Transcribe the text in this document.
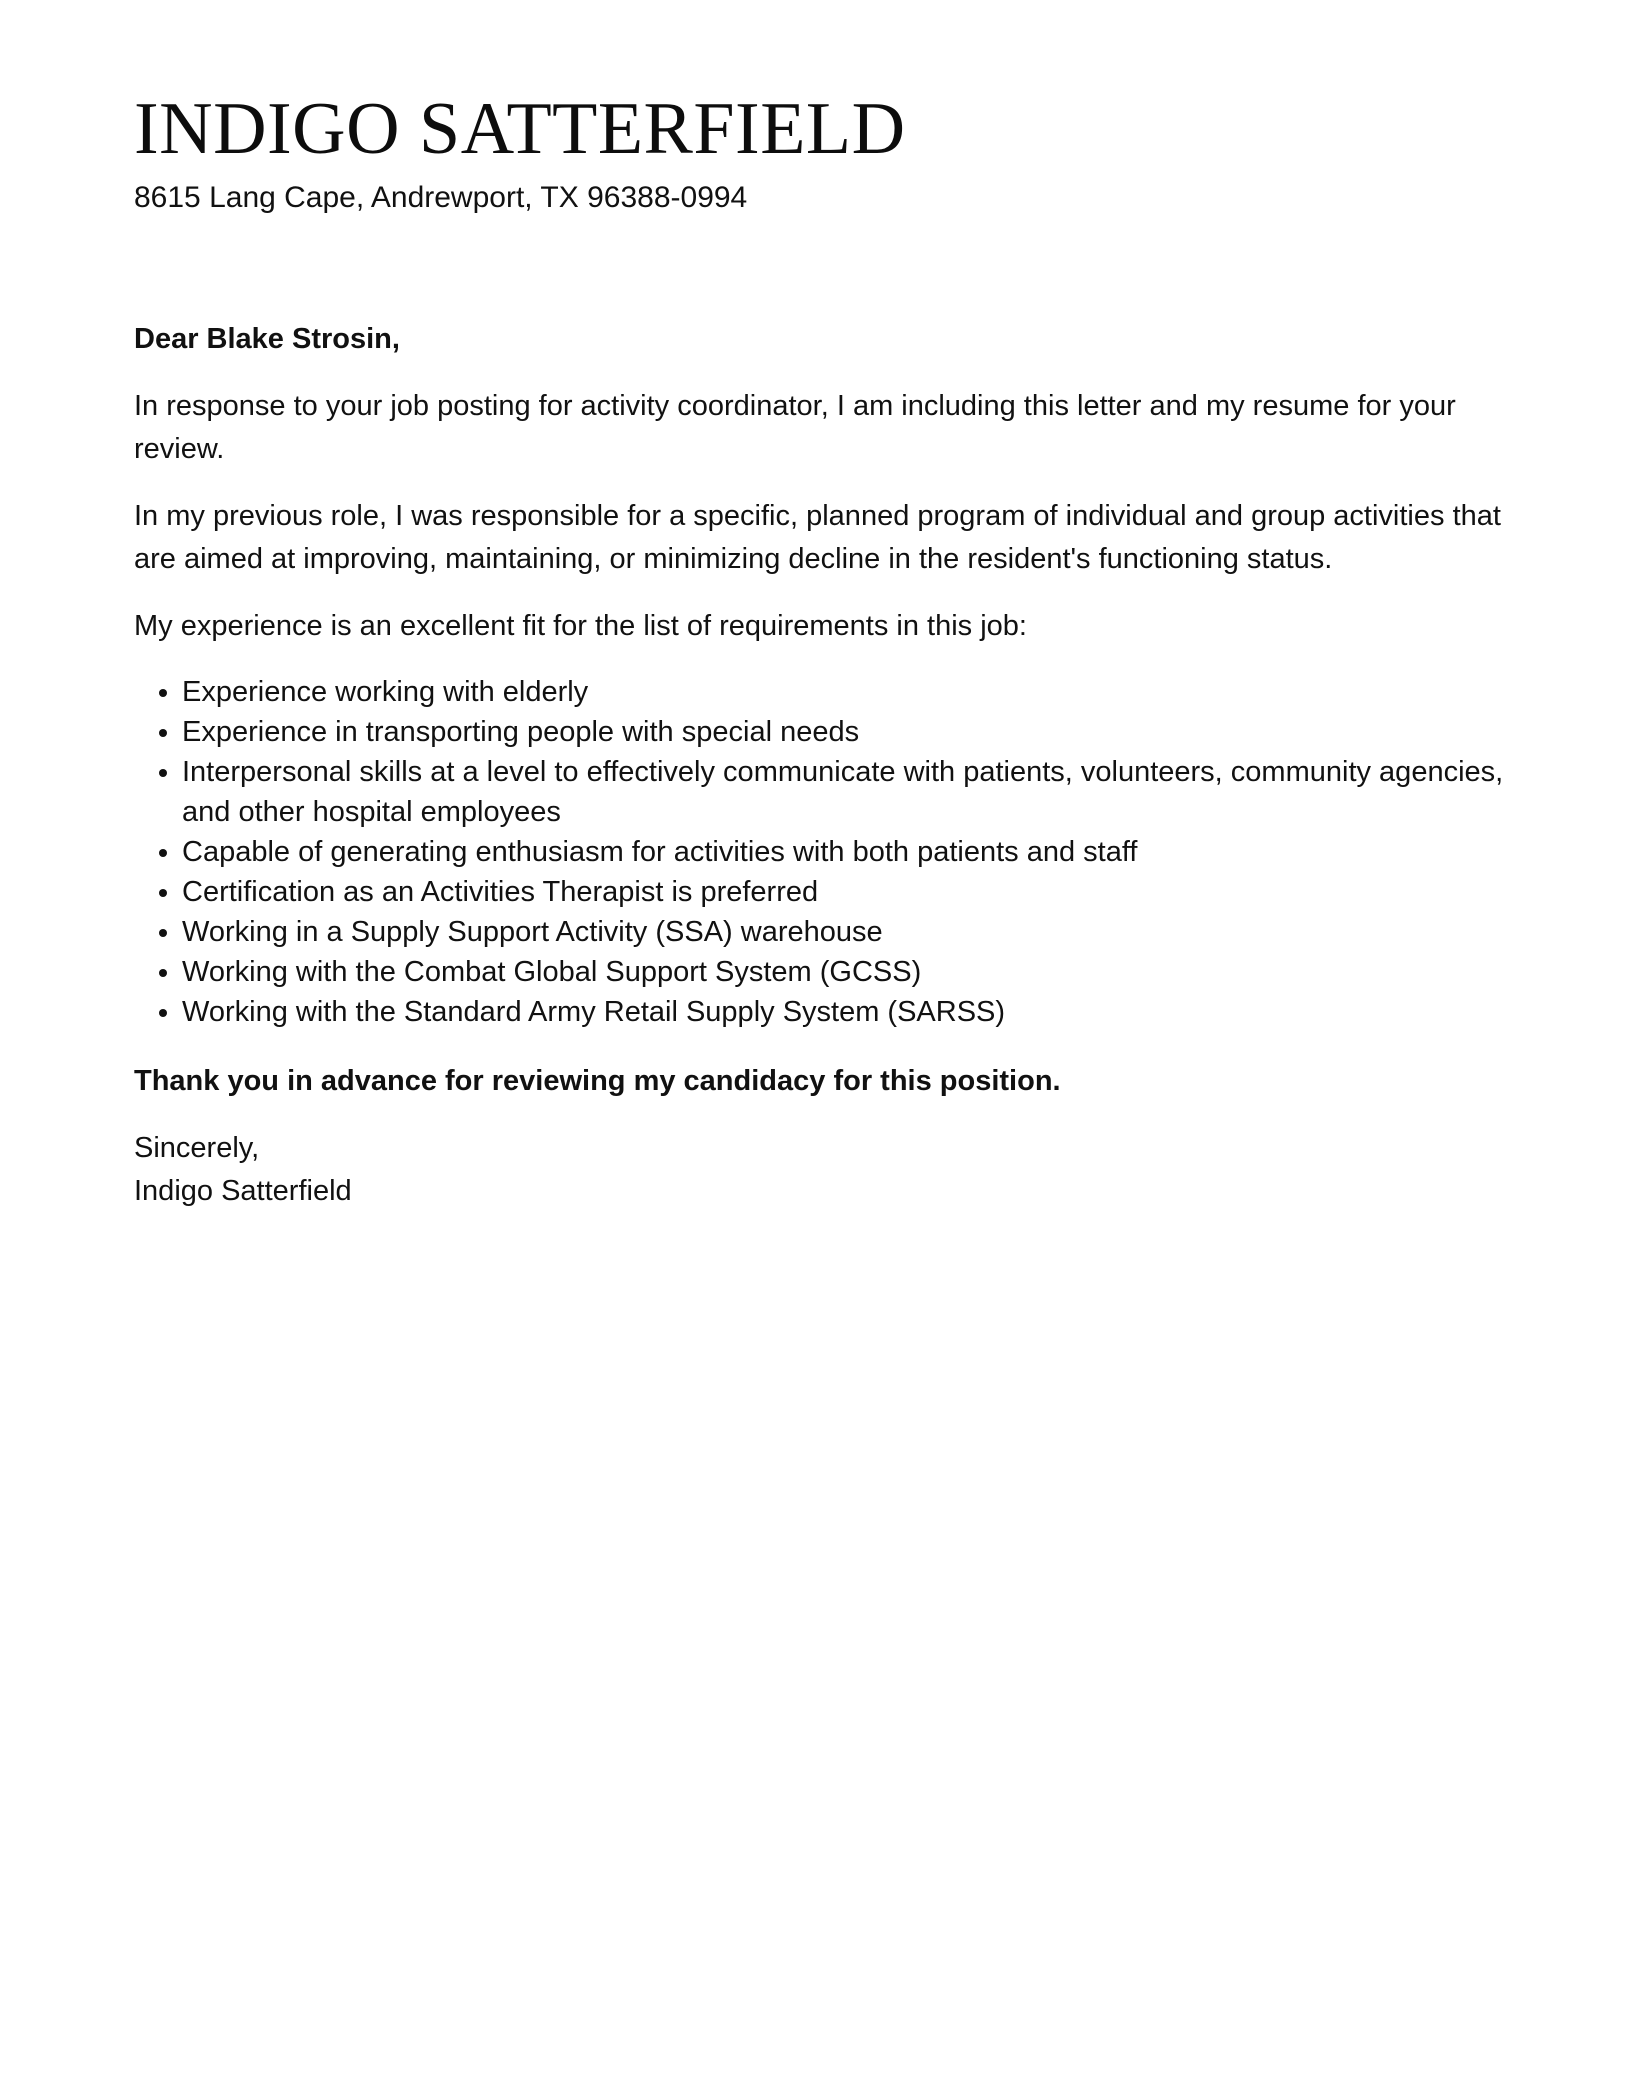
INDIGO SATTERFIELD
8615 Lang Cape, Andrewport, TX 96388-0994
Dear Blake Strosin,
In response to your job posting for activity coordinator, I am including this letter and my resume for your review.
In my previous role, I was responsible for a specific, planned program of individual and group activities that are aimed at improving, maintaining, or minimizing decline in the resident's functioning status.
My experience is an excellent fit for the list of requirements in this job:
• Experience working with elderly
• Experience in transporting people with special needs
• Interpersonal skills at a level to effectively communicate with patients, volunteers, community agencies, and other hospital employees
• Capable of generating enthusiasm for activities with both patients and staff
• Certification as an Activities Therapist is preferred
• Working in a Supply Support Activity (SSA) warehouse
• Working with the Combat Global Support System (GCSS)
• Working with the Standard Army Retail Supply System (SARSS)
Thank you in advance for reviewing my candidacy for this position.
Sincerely,
Indigo Satterfield
